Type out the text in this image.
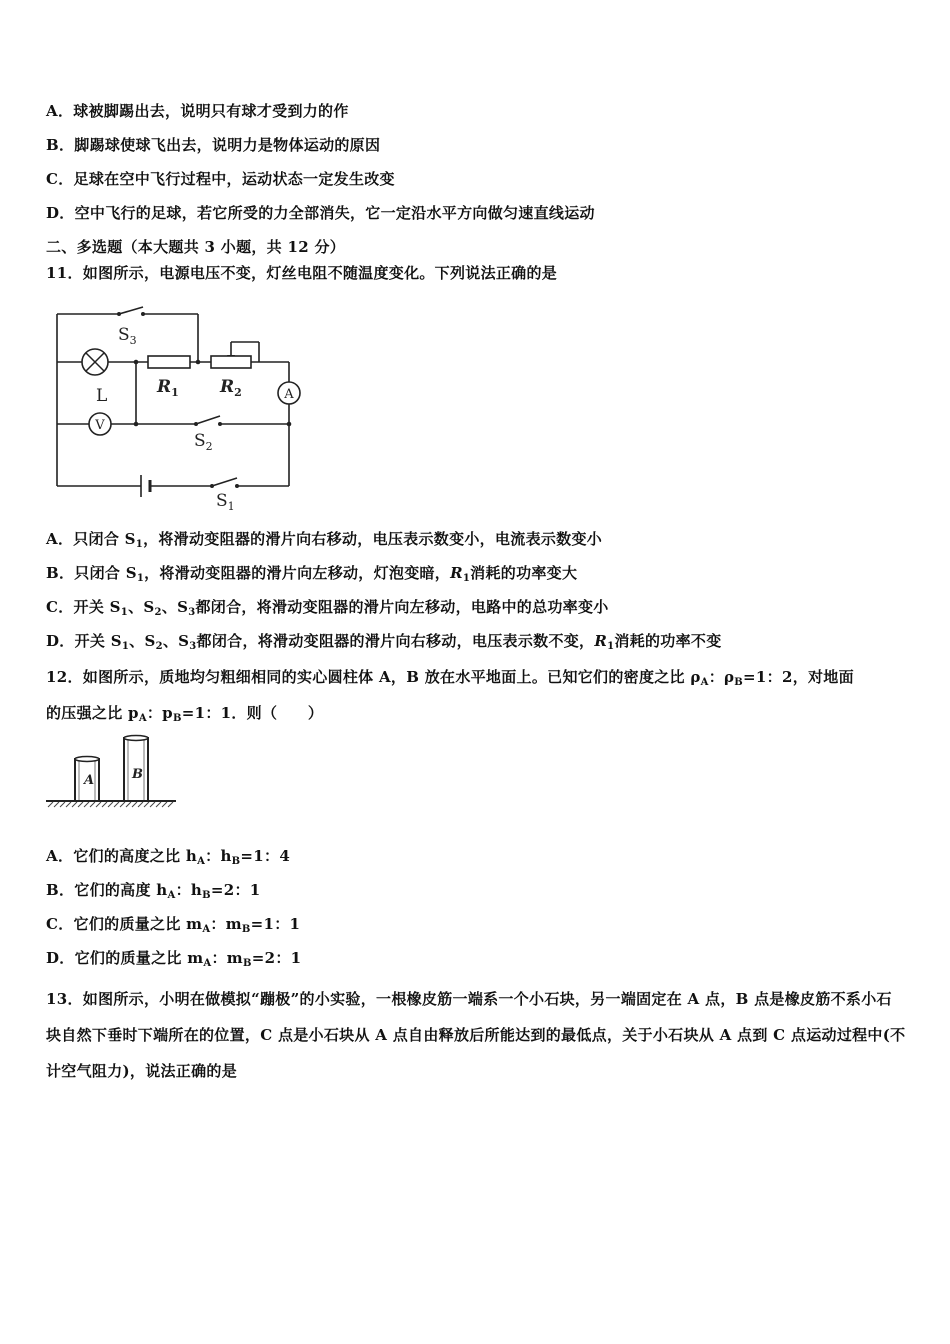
A．球被脚踢出去，说明只有球才受到力的作
B．脚踢球使球飞出去，说明力是物体运动的原因
C．足球在空中飞行过程中，运动状态一定发生改变
D．空中飞行的足球，若它所受的力全部消失，它一定沿水平方向做匀速直线运动
二、多选题（本大题共 3 小题，共 12 分）
11．如图所示，电源电压不变，灯丝电阻不随温度变化。下列说法正确的是
A
V
$S_3$
$R_1$ $R_2$
L
$S_2$
$S_1$
A．只闭合 $S_1$，将滑动变阻器的滑片向右移动，电压表示数变小，电流表示数变小
B．只闭合 $S_1$，将滑动变阻器的滑片向左移动，灯泡变暗，$R_1$消耗的功率变大
C．开关 $S_1$、$S_2$、$S_3$都闭合，将滑动变阻器的滑片向左移动，电路中的总功率变小
D．开关 $S_1$、$S_2$、$S_3$都闭合，将滑动变阻器的滑片向右移动，电压表示数不变，$R_1$消耗的功率不变
12．如图所示，质地均匀粗细相同的实心圆柱体 A，B 放在水平地面上。已知它们的密度之比 $\rho_A$：$\rho_B=1$：2，对地面
的压强之比 $p_A$：$p_B=1$：1．则（　　）
A	B
A．它们的高度之比 $h_A$：$h_B=1$：4
B．它们的高度 $h_A$：$h_B=2$：1
C．它们的质量之比 $m_A$：$m_B=1$：1
D．它们的质量之比 $m_A$：$m_B=2$：1
13．如图所示，小明在做模拟“蹦极”的小实验，一根橡皮筋一端系一个小石块，另一端固定在 A 点，B 点是橡皮筋不系小石块自然下垂时下端所在的位置，C 点是小石块从 A 点自由释放后所能达到的最低点，关于小石块从 A 点到 C 点运动过程中(不计空气阻力)，说法正确的是
